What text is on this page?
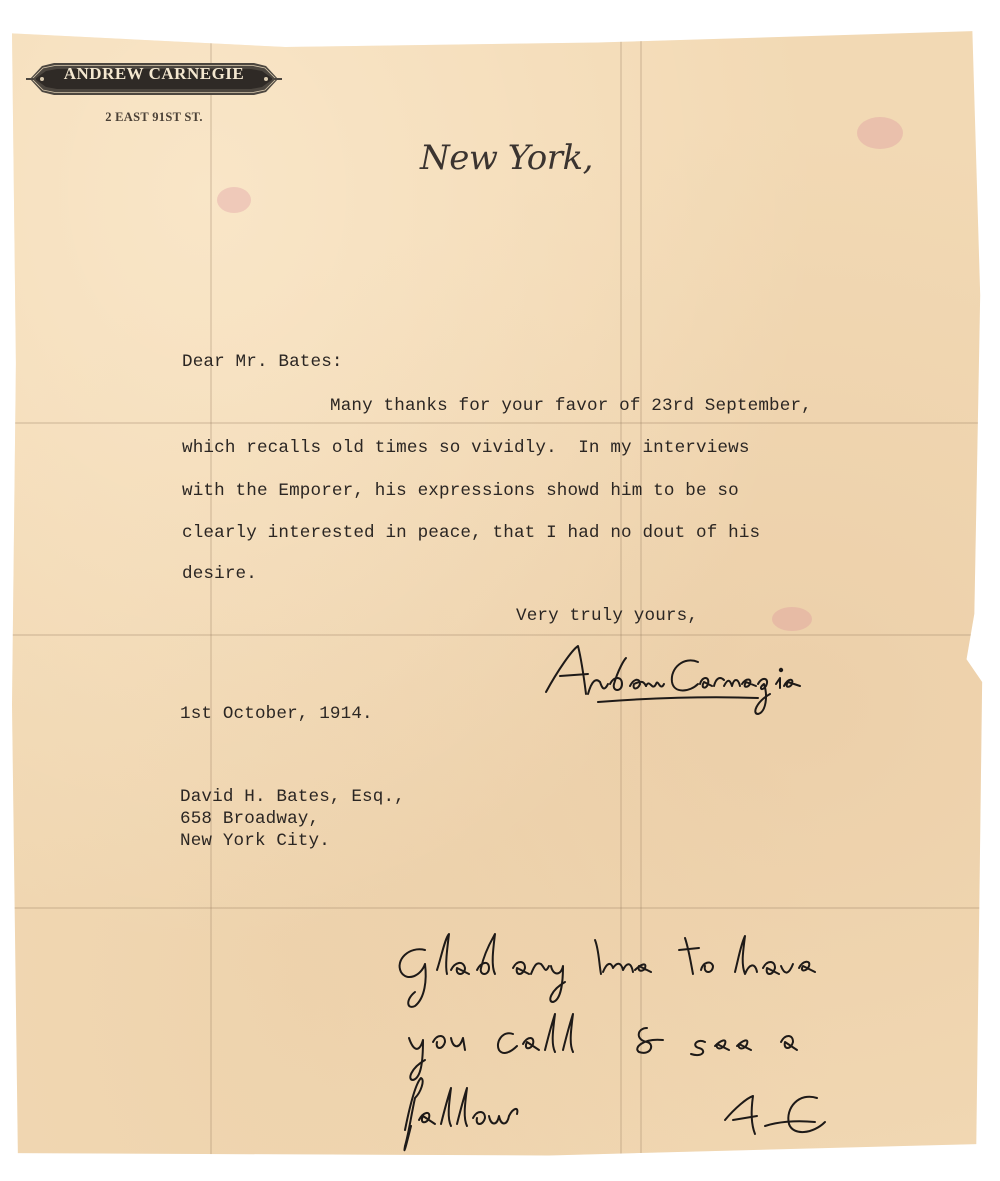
ANDREW CARNEGIE
2 EAST 91ST ST.
New York,
Dear Mr. Bates:
Many thanks for your favor of 23rd September,
which recalls old times so vividly.  In my interviews
with the Emporer, his expressions showd him to be so
clearly interested in peace, that I had no dout of his
desire.
Very truly yours,
1st October, 1914.
David H. Bates, Esq.,
658 Broadway,
New York City.
